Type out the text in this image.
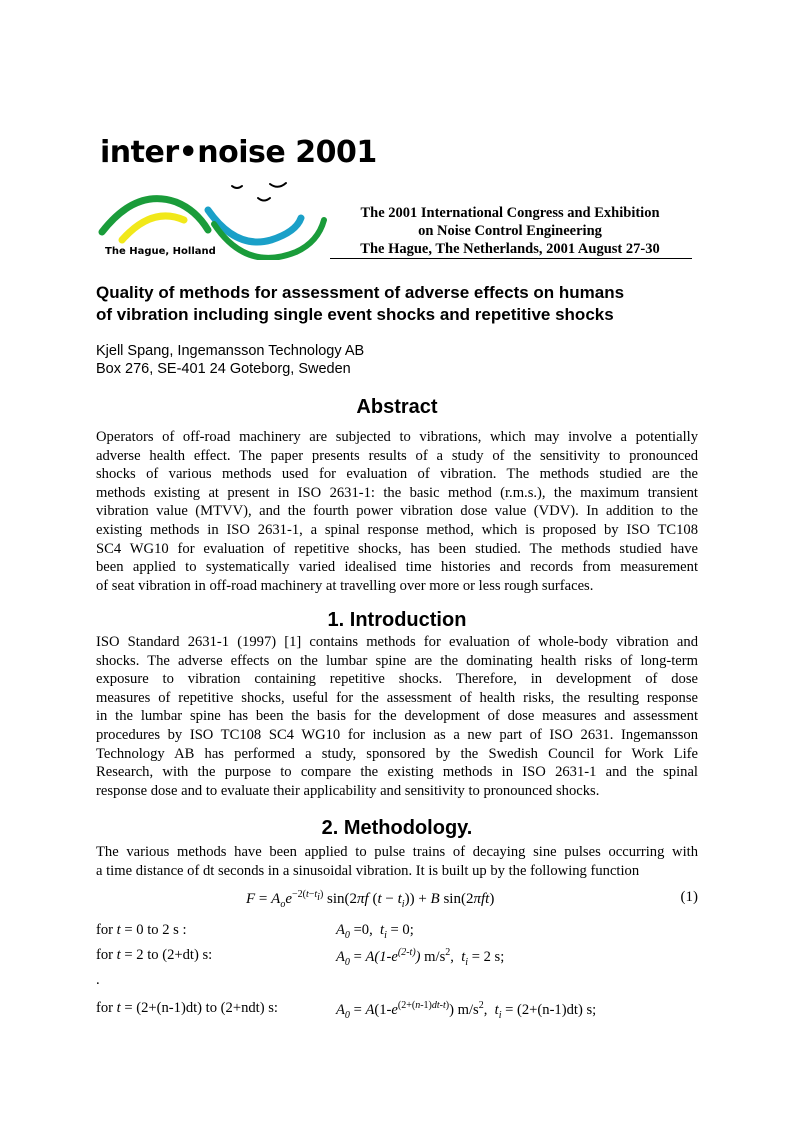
inter•noise 2001
The Hague, Holland
The 2001 International Congress and Exhibition
on Noise Control Engineering
The Hague, The Netherlands, 2001 August 27-30
Quality of methods for assessment of adverse effects on humans
of vibration including single event shocks and repetitive shocks
Kjell Spang, Ingemansson Technology AB
Box 276, SE-401 24 Goteborg, Sweden
Abstract
Operators of off-road machinery are subjected to vibrations, which may involve a potentially
adverse health effect. The paper presents results of a study of the sensitivity to pronounced
shocks of various methods used for evaluation of vibration. The methods studied are the
methods existing at present in ISO 2631-1: the basic method (r.m.s.), the maximum transient
vibration value (MTVV), and the fourth power vibration dose value (VDV). In addition to the
existing methods in ISO 2631-1, a spinal response method, which is proposed by ISO TC108
SC4 WG10 for evaluation of repetitive shocks, has been studied. The methods studied have
been applied to systematically varied idealised time histories and records from measurement
of seat vibration in off-road machinery at travelling over more or less rough surfaces.
1. Introduction
ISO Standard 2631-1 (1997) [1] contains methods for evaluation of whole-body vibration and
shocks. The adverse effects on the lumbar spine are the dominating health risks of long-term
exposure to vibration containing repetitive shocks. Therefore, in development of dose
measures of repetitive shocks, useful for the assessment of health risks, the resulting response
in the lumbar spine has been the basis for the development of dose measures and assessment
procedures by ISO TC108 SC4 WG10 for inclusion as a new part of ISO 2631. Ingemansson
Technology AB has performed a study, sponsored by the Swedish Council for Work Life
Research, with the purpose to compare the existing methods in ISO 2631-1 and the spinal
response dose and to evaluate their applicability and sensitivity to pronounced shocks.
2. Methodology.
The various methods have been applied to pulse trains of decaying sine pulses occurring with
a time distance of dt seconds in a sinusoidal vibration. It is built up by the following function
$F = A_oe^{-2(t-t_i)}$ sin(2πf $(t - t_i)) + B$ sin(2πft)	(1)
for t = 0 to 2 s :	$A_0 =0$,  $t_i = 0$;
for t = 2 to (2+dt) s:	$A_0 = A(1-e^{(2-t)})$ $m/s^2$,  $t_i = 2$ s;
.
for t = (2+(n-1)dt) to (2+ndt) s:	$A_0 = A(1-e^{(2+(n-1)dt-t)})$ $m/s^2$,  $t_i = (2+(n-1)dt)$ s;
